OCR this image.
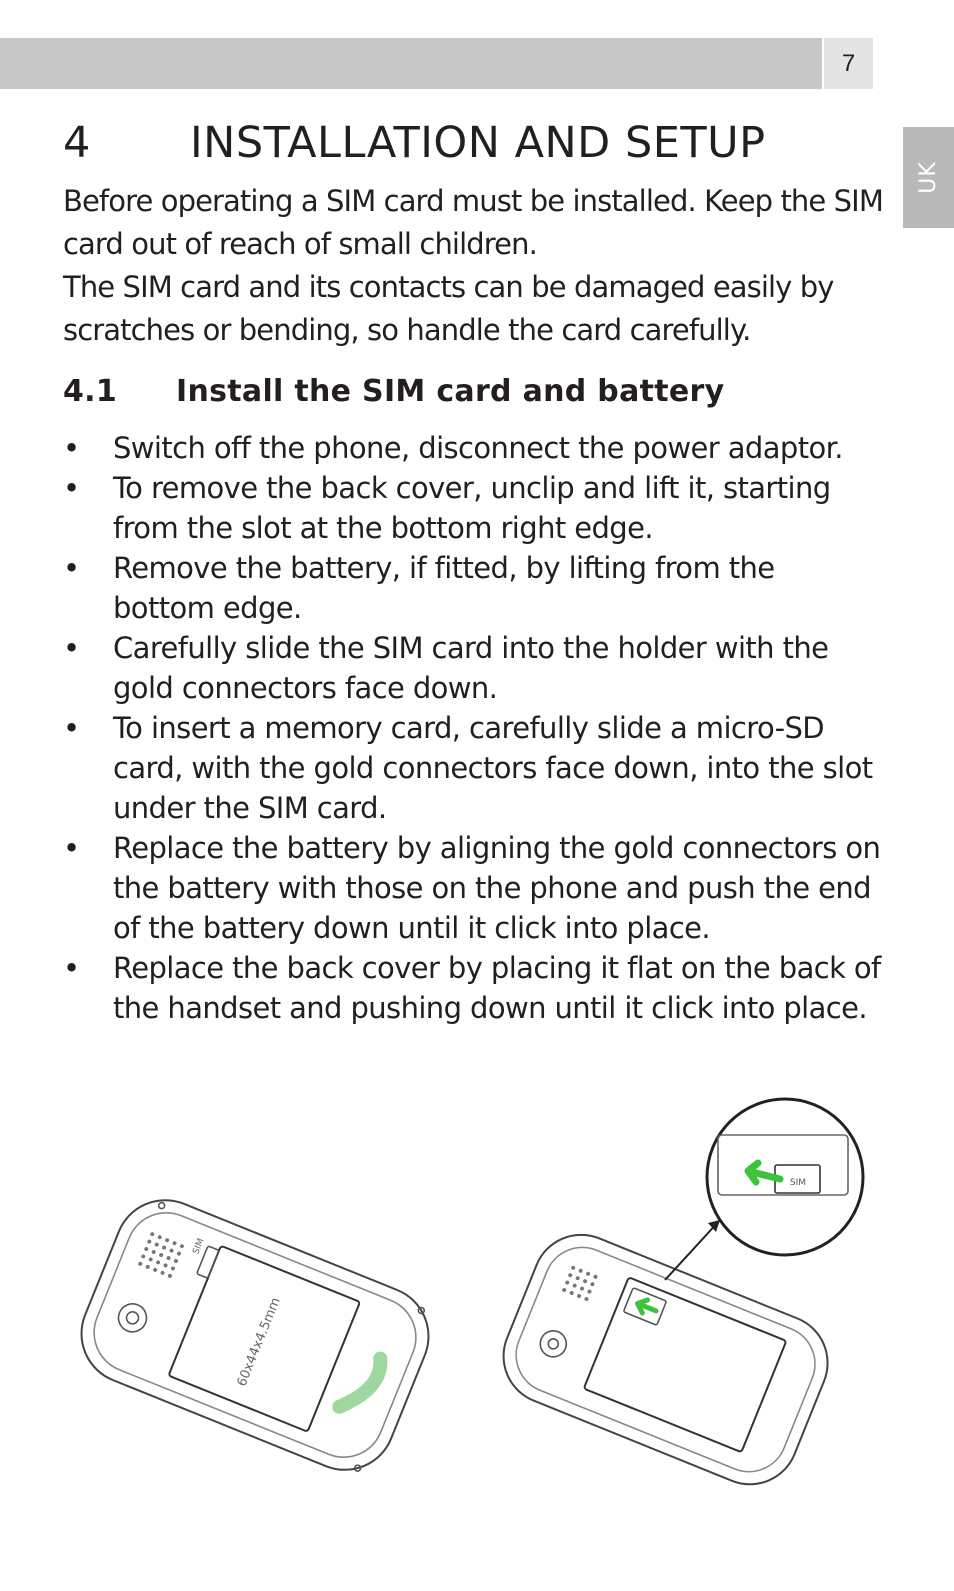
7
UK
4 INSTALLATION AND SETUP

Before operating a SIM card must be installed. Keep the SIM card out of reach of small children.

The SIM card and its contacts can be damaged easily by scratches or bending, so handle the card carefully.

4.1 Install the SIM card and battery
• Switch off the phone, disconnect the power adaptor.
• To remove the back cover, unclip and lift it, starting from the slot at the bottom right edge.
• Remove the battery, if fitted, by lifting from the bottom edge.
• Carefully slide the SIM card into the holder with the gold connectors face down.
• To insert a memory card, carefully slide a micro-SD card, with the gold connectors face down, into the slot under the SIM card.
• Replace the battery by aligning the gold connectors on the battery with those on the phone and push the end of the battery down until it click into place.
• Replace the back cover by placing it flat on the back of the handset and pushing down until it click into place.
60x44x4.5mm
SIM
SIM
